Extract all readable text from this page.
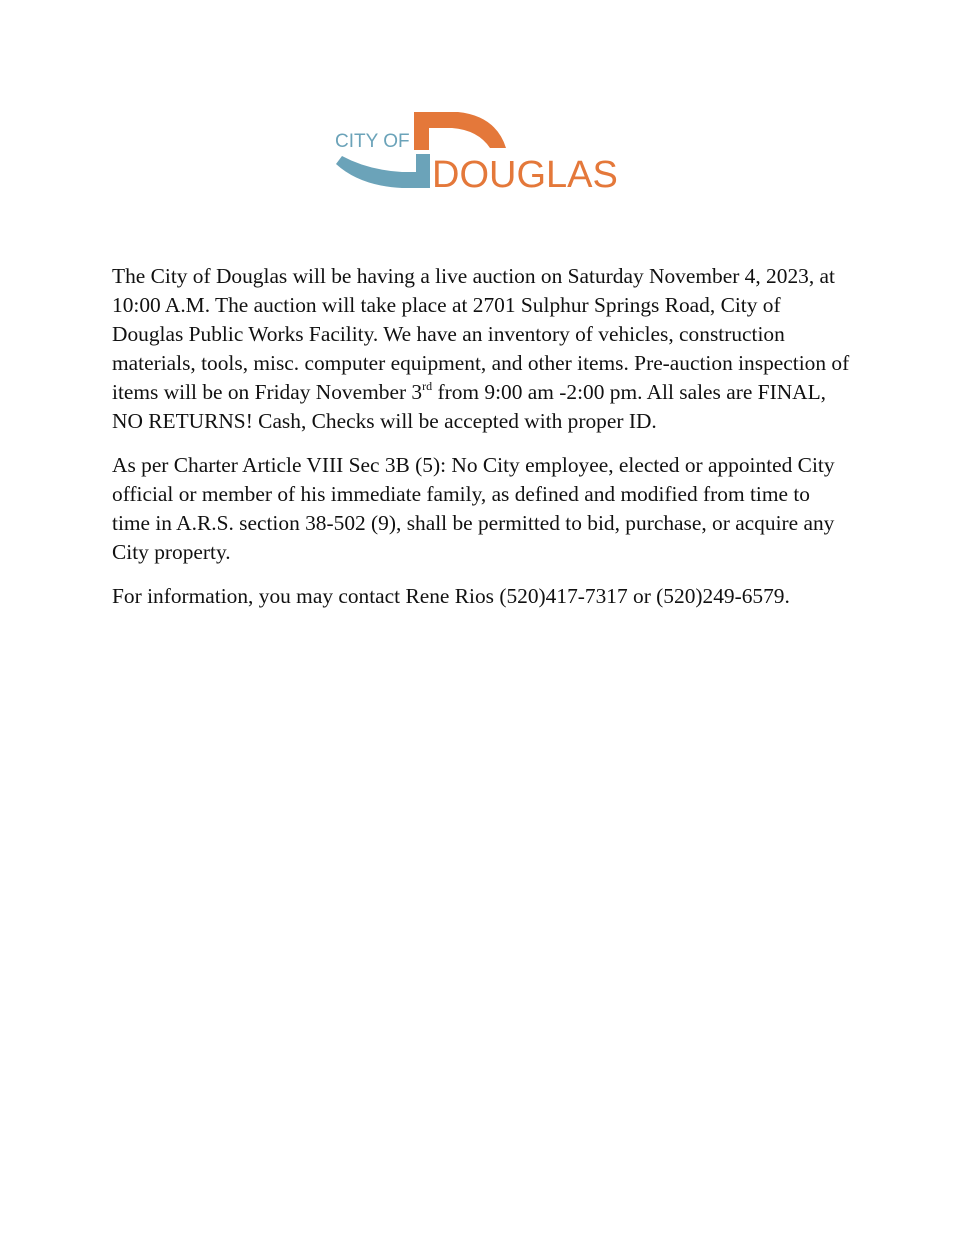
CITY OF
DOUGLAS

The City of Douglas will be having a live auction on Saturday November 4, 2023, at 10:00 A.M. The auction will take place at 2701 Sulphur Springs Road, City of Douglas Public Works Facility. We have an inventory of vehicles, construction materials, tools, misc. computer equipment, and other items. Pre-auction inspection of items will be on Friday November 3rd from 9:00 am -2:00 pm. All sales are FINAL, NO RETURNS! Cash, Checks will be accepted with proper ID.

As per Charter Article VIII Sec 3B (5): No City employee, elected or appointed City official or member of his immediate family, as defined and modified from time to time in A.R.S. section 38-502 (9), shall be permitted to bid, purchase, or acquire any City property.

For information, you may contact Rene Rios (520)417-7317 or (520)249-6579.
